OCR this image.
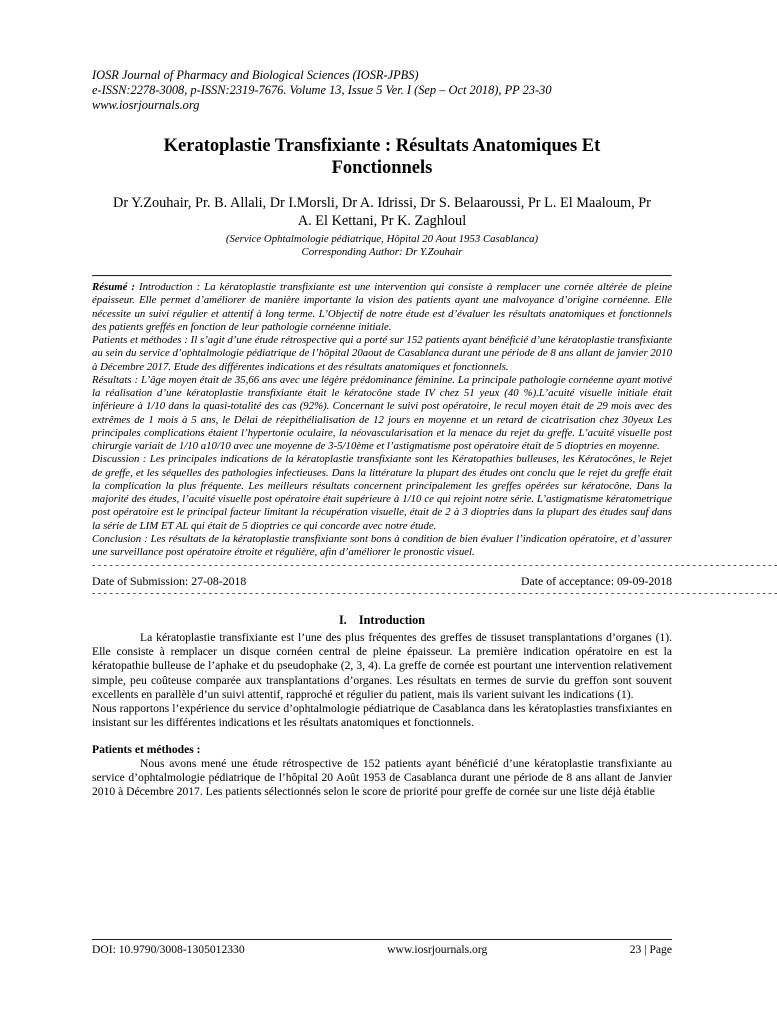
IOSR Journal of Pharmacy and Biological Sciences (IOSR-JPBS)
e-ISSN:2278-3008, p-ISSN:2319-7676. Volume 13, Issue 5 Ver. I (Sep – Oct 2018), PP 23-30
www.iosrjournals.org
Keratoplastie Transfixiante : Résultats Anatomiques Et Fonctionnels
Dr Y.Zouhair, Pr. B. Allali, Dr I.Morsli, Dr A. Idrissi, Dr S. Belaaroussi, Pr L. El Maaloum, Pr A. El Kettani, Pr K. Zaghloul
(Service Ophtalmologie pédiatrique, Hôpital 20 Aout 1953 Casablanca)
Corresponding Author: Dr Y.Zouhair

Résumé : Introduction : La kératoplastie transfixiante est une intervention qui consiste à remplacer une cornée altérée de pleine épaisseur. Elle permet d’améliorer de manière importante la vision des patients ayant une malvoyance d’origine cornéenne. Elle nécessite un suivi régulier et attentif à long terme. L’Objectif de notre étude est d’évaluer les résultats anatomiques et fonctionnels des patients greffés en fonction de leur pathologie cornéenne initiale.

Patients et méthodes : Il s’agit d’une étude rétrospective qui a porté sur 152 patients ayant bénéficié d’une kératoplastie transfixiante au sein du service d’ophtalmologie pédiatrique de l’hôpital 20aout de Casablanca durant une période de 8 ans allant de janvier 2010 à Décembre 2017. Etude des différentes indications et des résultats anatomiques et fonctionnels.

Résultats : L’âge moyen était de 35,66 ans avec une légère prédominance féminine. La principale pathologie cornéenne ayant motivé la réalisation d’une kératoplastie transfixiante était le kératocône stade IV chez 51 yeux (40 %).L’acuité visuelle initiale était inférieure à 1/10 dans la quasi-totalité des cas (92%). Concernant le suivi post opératoire, le recul moyen était de 29 mois avec des extrêmes de 1 mois à 5 ans, le Délai de réepithélialisation de 12 jours en moyenne et un retard de cicatrisation chez 30yeux Les principales complications étaient l’hypertonie oculaire, la néovascularisation et la menace du rejet du greffe. L’acuité visuelle post chirurgie variait de 1/10 a10/10 avec une moyenne de 3-5/10ème et l’astigmatisme post opératoire était de 5 dioptries en moyenne.

Discussion : Les principales indications de la kératoplastie transfixiante sont les Kératopathies bulleuses, les Kératocônes, le Rejet de greffe, et les séquelles des pathologies infectieuses. Dans la littérature la plupart des études ont conclu que le rejet du greffe était la complication la plus fréquente. Les meilleurs résultats concernent principalement les greffes opérées sur kératocône. Dans la majorité des études, l’acuité visuelle post opératoire était supérieure à 1/10 ce qui rejoint notre série. L’astigmatisme kératometrique post opératoire est le principal facteur limitant la récupération visuelle, était de 2 à 3 dioptries dans la plupart des études sauf dans la série de LIM ET AL qui était de 5 dioptries ce qui concorde avec notre étude.

Conclusion : Les résultats de la kératoplastie transfixiante sont bons à condition de bien évaluer l’indication opératoire, et d’assurer une surveillance post opératoire étroite et régulière, afin d’améliorer le pronostic visuel.

- - - - - - - - - - - - - - - - - - - - - - - - - - - - - - - - - - - - - - - - - - - - - - - - - - - - - - - - - - - - - - - - - - - - - - - - - - - - - - - - - - - - - - - - - - - - - - - - - - - - - - - - - - - - - - - - - - - - - -
Date of Submission: 27-08-2018	Date of acceptance: 09-09-2018
- - - - - - - - - - - - - - - - - - - - - - - - - - - - - - - - - - - - - - - - - - - - - - - - - - - - - - - - - - - - - - - - - - - - - - - - - - - - - - - - - - - - - - - - - - - - - - - - - - - - - - - - - - - - - - - - - - - - - -
I. Introduction

La kératoplastie transfixiante est l’une des plus fréquentes des greffes de tissuset transplantations d’organes (1). Elle consiste à remplacer un disque cornéen central de pleine épaisseur. La première indication opératoire en est la kératopathie bulleuse de l’aphake et du pseudophake (2, 3, 4). La greffe de cornée est pourtant une intervention relativement simple, peu coûteuse comparée aux transplantations d’organes. Les résultats en termes de survie du greffon sont souvent excellents en parallèle d’un suivi attentif, rapproché et régulier du patient, mais ils varient suivant les indications (1).

Nous rapportons l’expérience du service d’ophtalmologie pédiatrique de Casablanca dans les kératoplasties transfixiantes en insistant sur les différentes indications et les résultats anatomiques et fonctionnels.

Patients et méthodes :

Nous avons mené une étude rétrospective de 152 patients ayant bénéficié d’une kératoplastie transfixiante au service d’ophtalmologie pédiatrique de l’hôpital 20 Août 1953 de Casablanca durant une période de 8 ans allant de Janvier 2010 à Décembre 2017. Les patients sélectionnés selon le score de priorité pour greffe de cornée sur une liste déjà établie

DOI: 10.9790/3008-1305012330	www.iosrjournals.org	23 | Page
